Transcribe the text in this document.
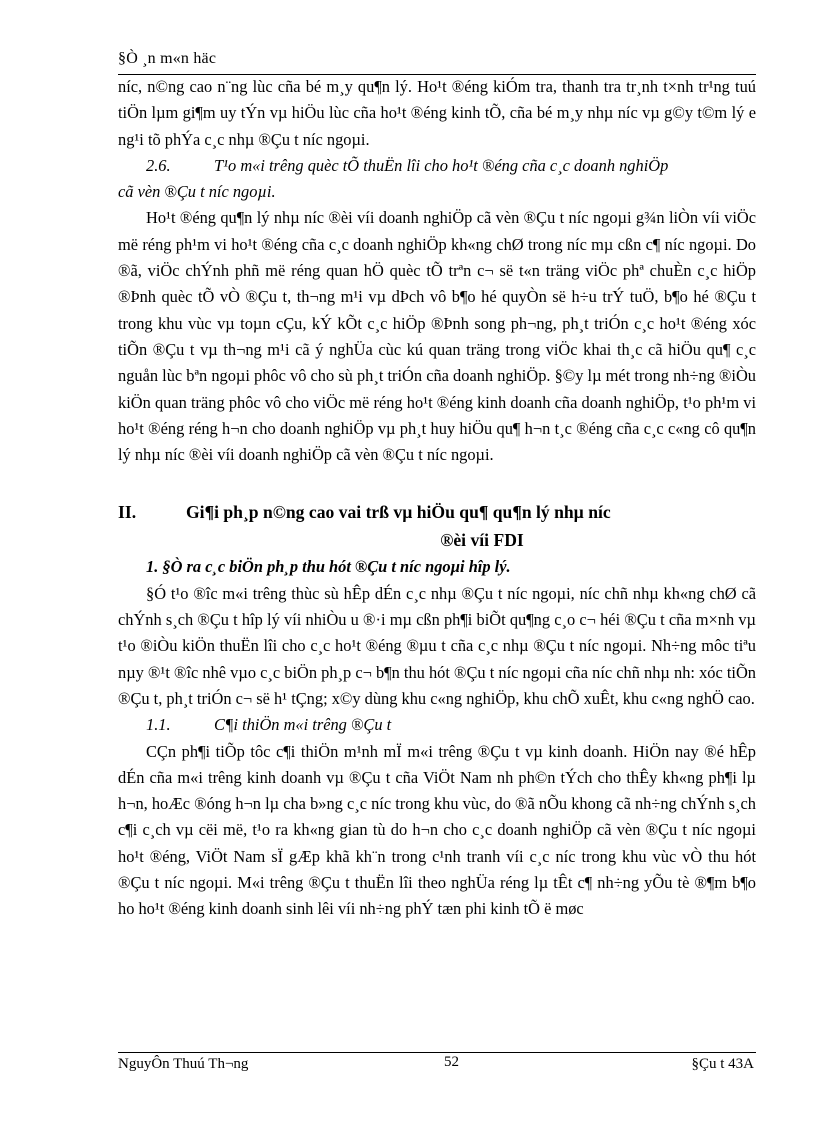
§Ò ¸n m«n häc

níc, n©ng cao n¨ng lùc cña bé m¸y qu¶n lý. Ho¹t ®éng kiÓm tra, thanh tra tr¸nh t×nh tr¹ng tuú tiÖn lµm gi¶m uy tÝn vµ hiÖu lùc cña ho¹t ®éng kinh tÕ, cña bé m¸y nhµ níc vµ g©y t©m lý e ng¹i tõ phÝa c¸c nhµ ®Çu t níc ngoµi.

2.6.	T¹o m«i trêng quèc tÕ thuËn lîi cho ho¹t ®éng cña c¸c doanh nghiÖp
cã vèn ®Çu t níc ngoµi.

Ho¹t ®éng qu¶n lý nhµ níc ®èi víi doanh nghiÖp cã vèn ®Çu t níc ngoµi g¾n liÒn víi viÖc më réng ph¹m vi ho¹t ®éng cña c¸c doanh nghiÖp kh«ng chØ trong níc mµ cßn c¶ níc ngoµi. Do ®ã, viÖc chÝnh phñ më réng quan hÖ quèc tÕ trªn c¬ së t«n träng viÖc phª chuÈn c¸c hiÖp ®Þnh quèc tÕ vÒ ®Çu t, th¬ng m¹i vµ dÞch vô b¶o hé quyÒn së h÷u trÝ tuÖ, b¶o hé ®Çu t trong khu vùc vµ toµn cÇu, kÝ kÕt c¸c hiÖp ®Þnh song ph¬ng, ph¸t triÓn c¸c ho¹t ®éng xóc tiÕn ®Çu t vµ th¬ng m¹i cã ý nghÜa cùc kú quan träng trong viÖc khai th¸c cã hiÖu qu¶ c¸c nguån lùc bªn ngoµi phôc vô cho sù ph¸t triÓn cña doanh nghiÖp. §©y lµ mét trong nh÷ng ®iÒu kiÖn quan träng phôc vô cho viÖc më réng ho¹t ®éng kinh doanh cña doanh nghiÖp, t¹o ph¹m vi ho¹t ®éng réng h¬n cho doanh nghiÖp vµ ph¸t huy hiÖu qu¶ h¬n t¸c ®éng cña c¸c c«ng cô qu¶n lý nhµ níc ®èi víi doanh nghiÖp cã vèn ®Çu t níc ngoµi.

II.	Gi¶i ph¸p n©ng cao vai trß vµ hiÖu qu¶ qu¶n lý nhµ níc
®èi víi FDI

1. §Ò ra c¸c biÖn ph¸p thu hót ®Çu t níc ngoµi hîp lý.

§Ó t¹o ®îc m«i trêng thùc sù hÊp dÉn c¸c nhµ ®Çu t níc ngoµi, níc chñ nhµ kh«ng chØ cã chÝnh s¸ch ®Çu t hîp lý víi nhiÒu u ®·i mµ cßn ph¶i biÕt qu¶ng c¸o c¬ héi ®Çu t cña m×nh vµ t¹o ®iÒu kiÖn thuËn lîi cho c¸c ho¹t ®éng ®µu t cña c¸c nhµ ®Çu t níc ngoµi. Nh÷ng môc tiªu nµy ®¹t ®îc nhê vµo c¸c biÖn ph¸p c¬ b¶n thu hót ®Çu t níc ngoµi cña níc chñ nhµ nh: xóc tiÕn ®Çu t, ph¸t triÓn c¬ së h¹ tÇng; x©y dùng khu c«ng nghiÖp, khu chÕ xuÊt, khu c«ng nghÖ cao.

1.1.	C¶i thiÖn m«i trêng ®Çu t

CÇn ph¶i tiÕp tôc c¶i thiÖn m¹nh mÏ m«i trêng ®Çu t vµ kinh doanh. HiÖn nay ®é hÊp dÉn cña m«i trêng kinh doanh vµ ®Çu t cña ViÖt Nam nh ph©n tÝch cho thÊy kh«ng ph¶i lµ h¬n, hoÆc ®óng h¬n lµ cha b»ng c¸c níc trong khu vùc, do ®ã nÕu khong cã nh÷ng chÝnh s¸ch c¶i c¸ch vµ cëi më, t¹o ra kh«ng gian tù do h¬n cho c¸c doanh nghiÖp cã vèn ®Çu t níc ngoµi ho¹t ®éng, ViÖt Nam sÏ gÆp khã kh¨n trong c¹nh tranh víi c¸c níc trong khu vùc vÒ thu hót ®Çu t níc ngoµi. M«i trêng ®Çu t thuËn lîi theo nghÜa réng lµ tÊt c¶ nh÷ng yÕu tè ®¶m b¶o ho ho¹t ®éng kinh doanh sinh lêi víi nh÷ng phÝ tæn phi kinh tÕ ë møc

NguyÔn Thuú Th¬ng	52	§Çu t 43A
